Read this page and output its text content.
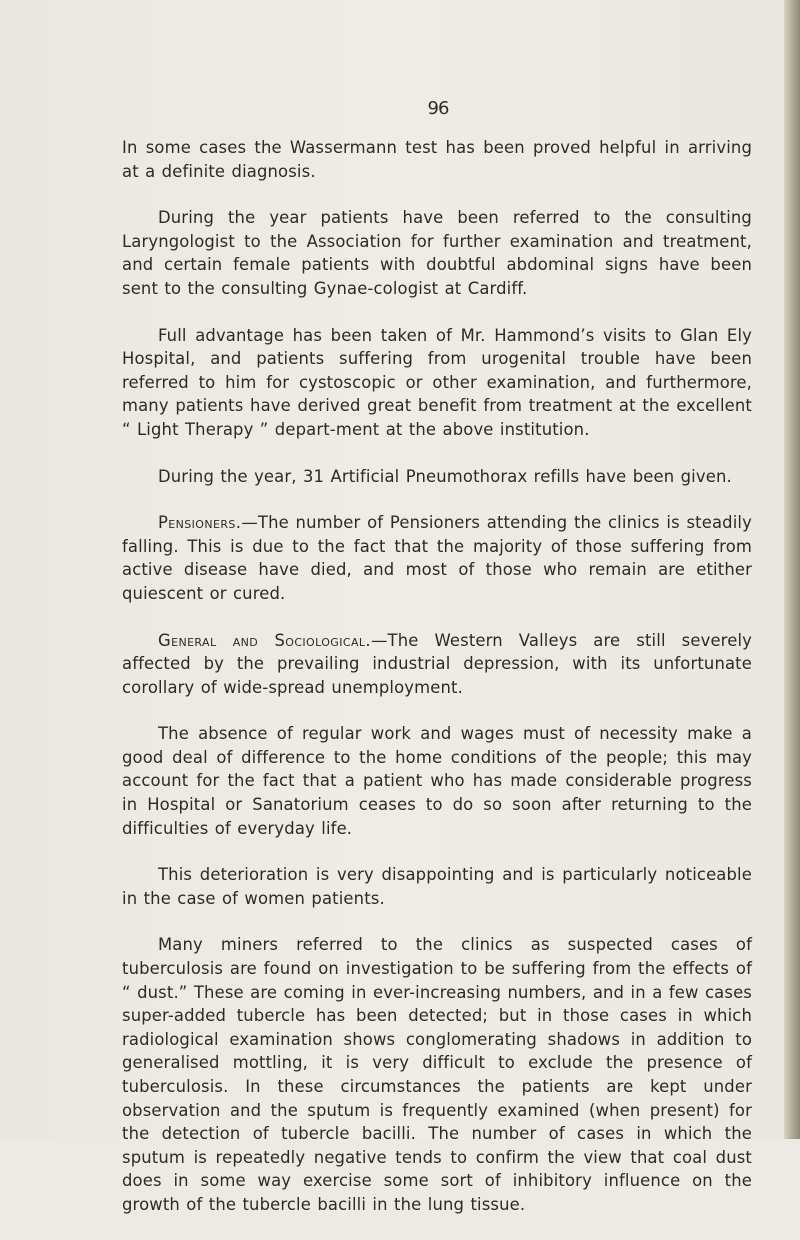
96

In some cases the Wassermann test has been proved helpful in arriving at a definite diagnosis.

During the year patients have been referred to the consulting Laryngologist to the Association for further examination and treatment, and certain female patients with doubtful abdominal signs have been sent to the consulting Gynae-cologist at Cardiff.

Full advantage has been taken of Mr. Hammond’s visits to Glan Ely Hospital, and patients suffering from urogenital trouble have been referred to him for cystoscopic or other examination, and furthermore, many patients have derived great benefit from treatment at the excellent “ Light Therapy ” depart-ment at the above institution.

During the year, 31 Artificial Pneumothorax refills have been given.

Pensioners.—The number of Pensioners attending the clinics is steadily falling. This is due to the fact that the majority of those suffering from active disease have died, and most of those who remain are etither quiescent or cured.

General and Sociological.—The Western Valleys are still severely affected by the prevailing industrial depression, with its unfortunate corollary of wide-spread unemployment.

The absence of regular work and wages must of necessity make a good deal of difference to the home conditions of the people; this may account for the fact that a patient who has made considerable progress in Hospital or Sanatorium ceases to do so soon after returning to the difficulties of everyday life.

This deterioration is very disappointing and is particularly noticeable in the case of women patients.

Many miners referred to the clinics as suspected cases of tuberculosis are found on investigation to be suffering from the effects of “ dust.” These are coming in ever-increasing numbers, and in a few cases super-added tubercle has been detected; but in those cases in which radiological examination shows conglomerating shadows in addition to generalised mottling, it is very difficult to exclude the presence of tuberculosis. In these circumstances the patients are kept under observation and the sputum is frequently examined (when present) for the detection of tubercle bacilli. The number of cases in which the sputum is repeatedly negative tends to confirm the view that coal dust does in some way exercise some sort of inhibitory influence on the growth of the tubercle bacilli in the lung tissue.
